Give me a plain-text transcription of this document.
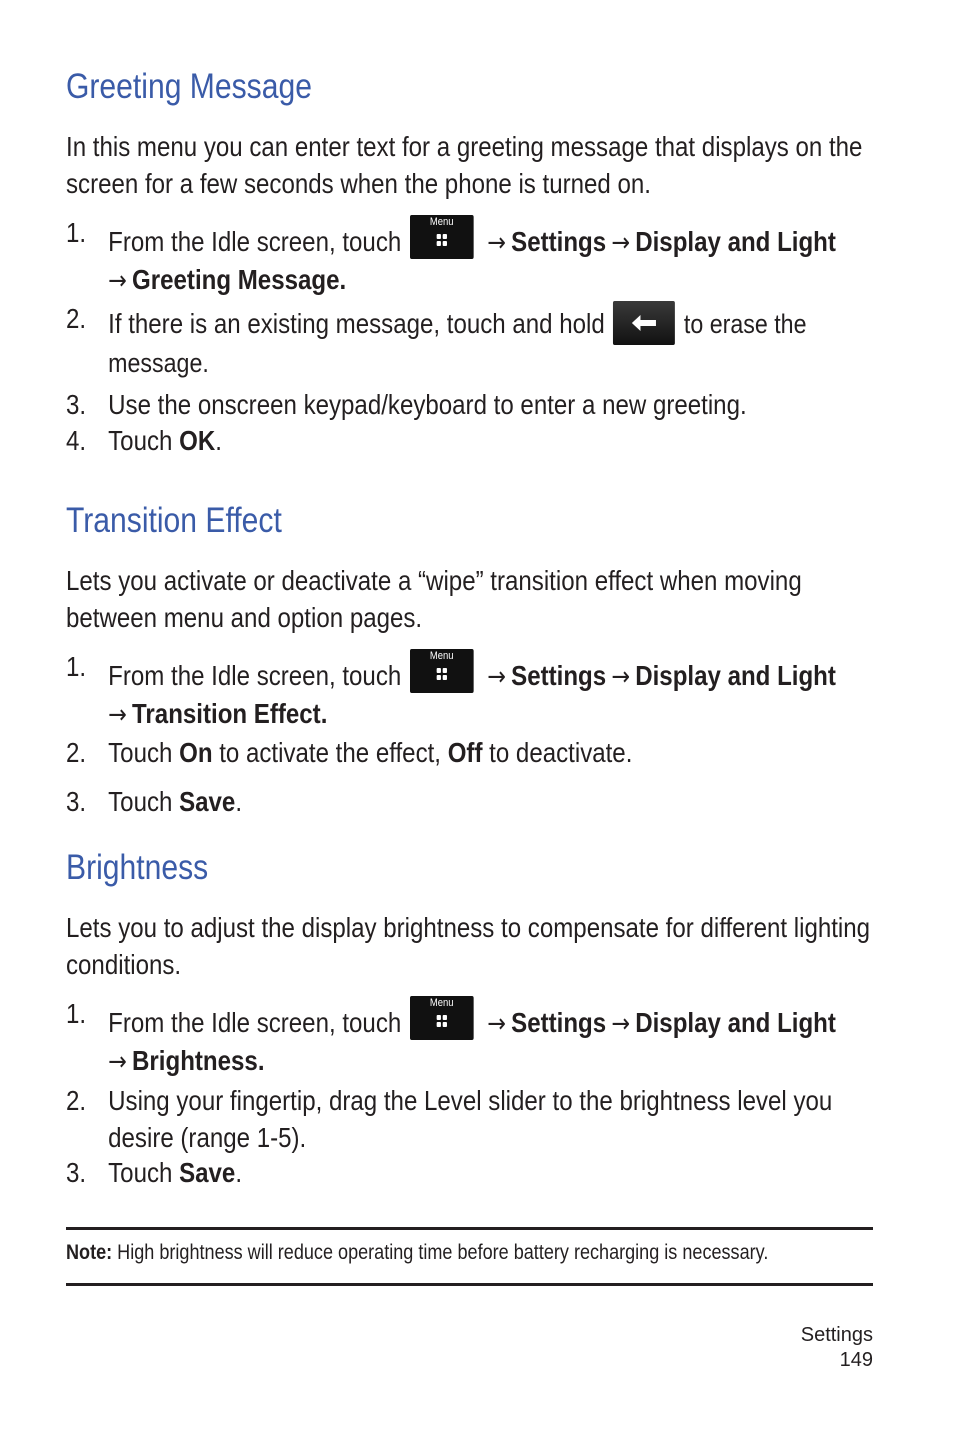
Greeting Message

In this menu you can enter text for a greeting message that displays on the screen for a few seconds when the phone is turned on.

1. From the Idle screen, touch
Menu
→ Settings → Display and Light
→ Greeting Message.
2. If there is an existing message, touch and hold	to erase the message.
3. Use the onscreen keypad/keyboard to enter a new greeting.
4. Touch OK.
Transition Effect

Lets you activate or deactivate a “wipe” transition effect when moving between menu and option pages.

1. From the Idle screen, touch
Menu
→ Settings → Display and Light
→ Transition Effect.
2. Touch On to activate the effect, Off to deactivate.
3. Touch Save.
Brightness

Lets you to adjust the display brightness to compensate for different lighting conditions.

1. From the Idle screen, touch
Menu
→ Settings → Display and Light
→ Brightness.
2. Using your fingertip, drag the Level slider to the brightness level you desire (range 1-5).
3. Touch Save.
Note: High brightness will reduce operating time before battery recharging is necessary.
Settings
149
